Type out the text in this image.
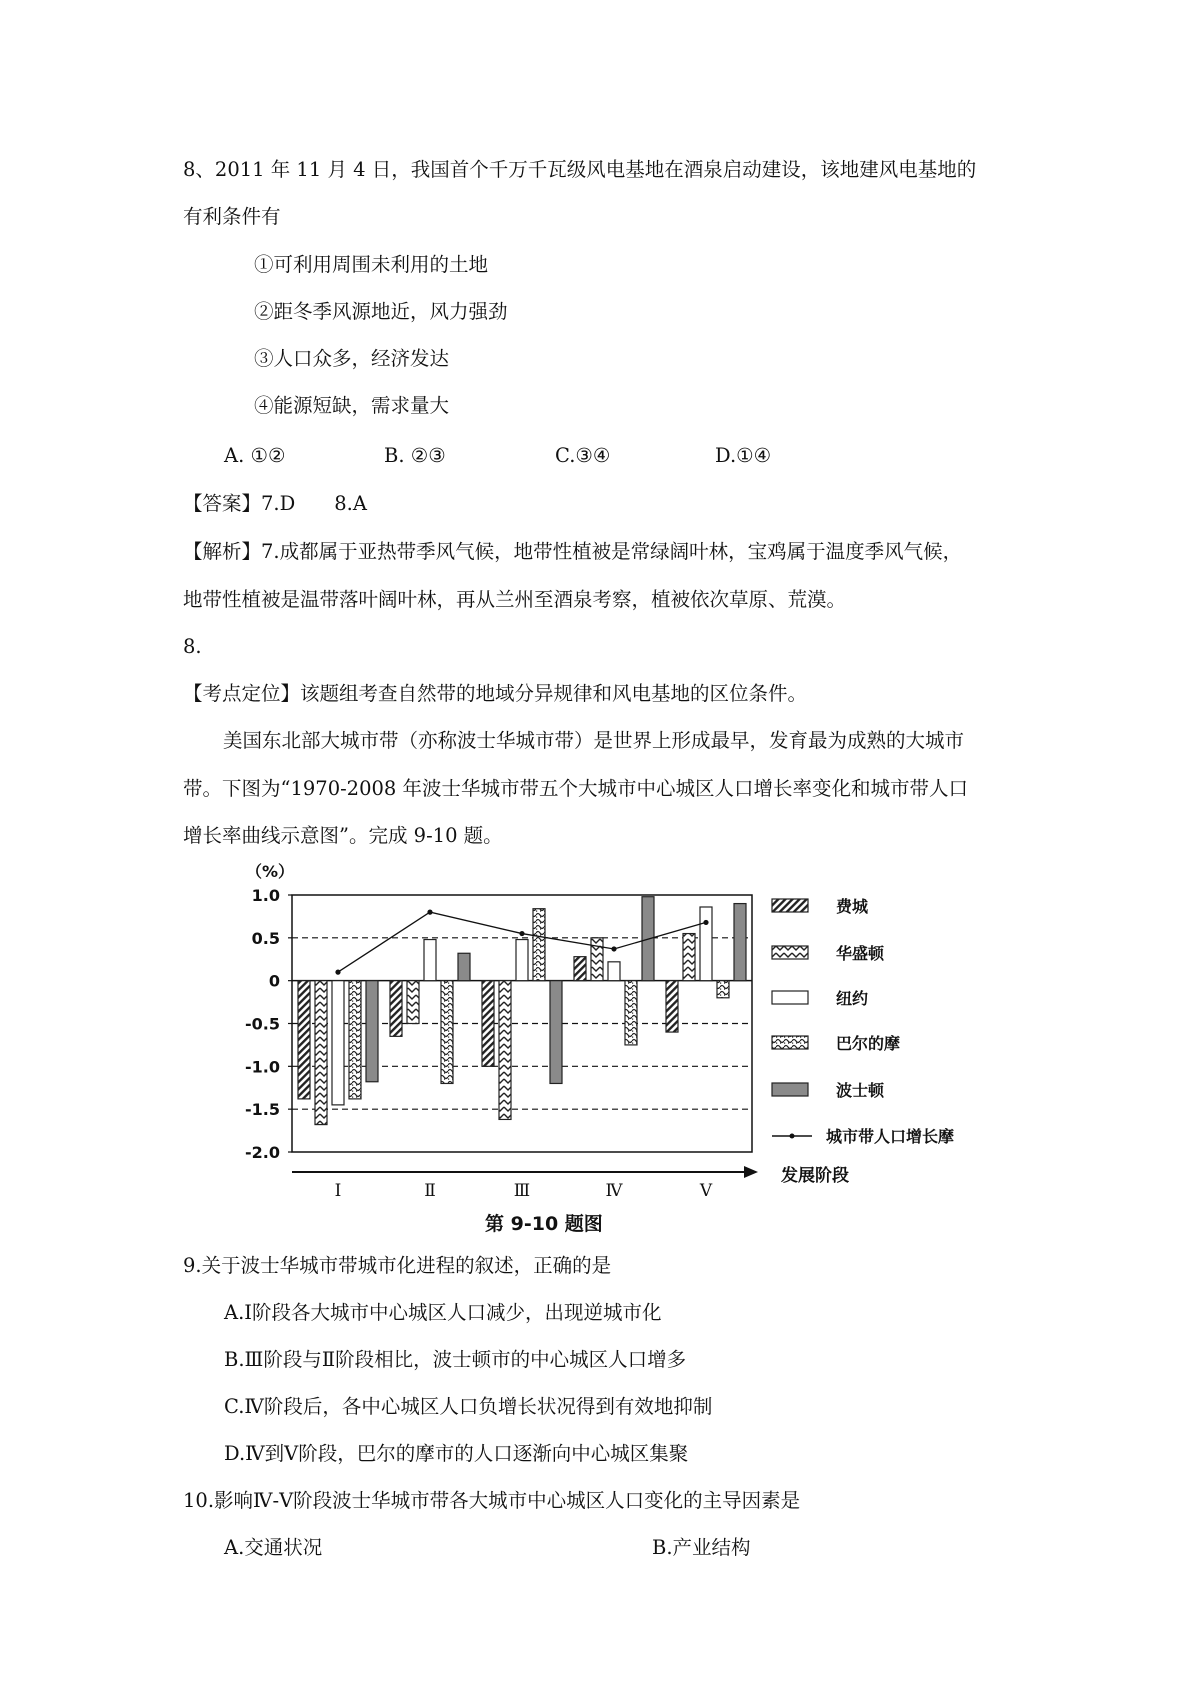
8、2011 年 11 月 4 日，我国首个千万千瓦级风电基地在酒泉启动建设，该地建风电基地的
有利条件有
①可利用周围未利用的土地
②距冬季风源地近，风力强劲
③人口众多，经济发达
④能源短缺，需求量大
A. ①②	B. ②③	C.③④	D.①④
【答案】7.D　　8.A
【解析】7.成都属于亚热带季风气候，地带性植被是常绿阔叶林，宝鸡属于温度季风气候，
地带性植被是温带落叶阔叶林，再从兰州至酒泉考察，植被依次草原、荒漠。
8.
【考点定位】该题组考查自然带的地域分异规律和风电基地的区位条件。
美国东北部大城市带（亦称波士华城市带）是世界上形成最早，发育最为成熟的大城市
带。下图为“1970-2008 年波士华城市带五个大城市中心城区人口增长率变化和城市带人口
增长率曲线示意图”。完成 9-10 题。
费城
华盛顿
纽约
巴尔的摩
波士顿
城市带人口增长摩
1.0
0.5
0
-0.5
-1.0
-1.5
-2.0
（%）
发展阶段
Ⅰ	Ⅱ	Ⅲ	Ⅳ	Ⅴ
第 9-10 题图
9.关于波士华城市带城市化进程的叙述，正确的是
A.Ⅰ阶段各大城市中心城区人口减少，出现逆城市化
B.Ⅲ阶段与Ⅱ阶段相比，波士顿市的中心城区人口增多
C.Ⅳ阶段后，各中心城区人口负增长状况得到有效地抑制
D.Ⅳ到Ⅴ阶段，巴尔的摩市的人口逐渐向中心城区集聚
10.影响Ⅳ-Ⅴ阶段波士华城市带各大城市中心城区人口变化的主导因素是
A.交通状况	B.产业结构
